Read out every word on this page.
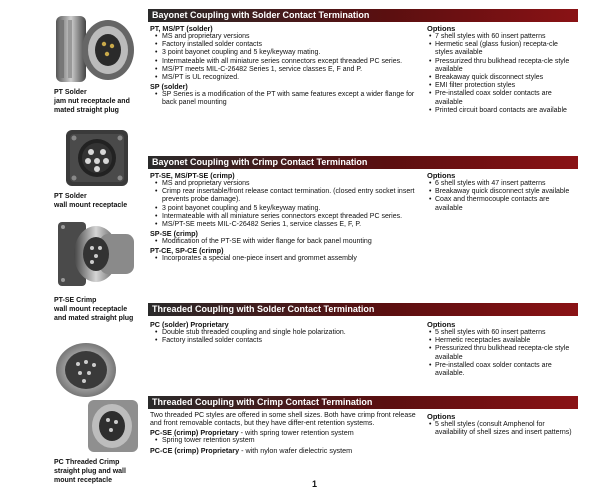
PT Solder
jam nut receptacle and
mated straight plug
PT Solder
wall mount receptacle
PT-SE Crimp
wall mount receptacle
and mated straight plug
PC Threaded Crimp
straight plug and wall
mount receptacle
Bayonet Coupling with Solder Contact Termination
PT, MS/PT (solder)
• MS and proprietary versions
• Factory installed solder contacts
• 3 point bayonet coupling and 5 key/keyway mating.
• Intermateable with all miniature series connectors except threaded PC series.
• MS/PT meets MIL-C-26482 Series 1, service classes E, F and P.
• MS/PT is UL recognized.
SP (solder)
• SP Series is a modification of the PT with same features except a wider flange for back panel mounting
Options
• 7 shell styles with 60 insert patterns
• Hermetic seal (glass fusion) recepta-cle styles available
• Pressurized thru bulkhead recepta-cle style available
• Breakaway quick disconnect styles
• EMI filter protection styles
• Pre-installed coax solder contacts are available
• Printed circuit board contacts are available
Bayonet Coupling with Crimp Contact Termination
PT-SE, MS/PT-SE (crimp)
• MS and proprietary versions
• Crimp rear insertable/front release contact termination. (closed entry socket insert prevents probe damage).
• 3 point bayonet coupling and 5 key/keyway mating.
• Intermateable with all miniature series connectors except threaded PC series.
• MS/PT-SE meets MIL-C-26482 Series 1, service classes E, F, P.
SP-SE (crimp)
• Modification of the PT-SE with wider flange for back panel mounting
PT-CE, SP-CE (crimp)
• Incorporates a special one-piece insert and grommet assembly
Options
• 6 shell styles with 47 insert patterns
• Breakaway quick disconnect style available
• Coax and thermocouple contacts are available
Threaded Coupling with Solder Contact Termination
PC (solder) Proprietary
• Double stub threaded coupling and single hole polarization.
• Factory installed solder contacts
Options
• 5 shell styles with 60 insert patterns
• Hermetic receptacles available
• Pressurized thru bulkhead recepta-cle style available
• Pre-installed coax solder contacts are available.
Threaded Coupling with Crimp Contact Termination
Two threaded PC styles are offered in some shell sizes. Both have crimp front release and front removable contacts, but they have differ-ent retention systems.
PC-SE (crimp) Proprietary - with spring tower retention system
• Spring tower retention system
PC-CE (crimp) Proprietary - with nylon wafer dielectric system
Options
• 5 shell styles (consult Amphenol for availability of shell sizes and insert patterns)
1
